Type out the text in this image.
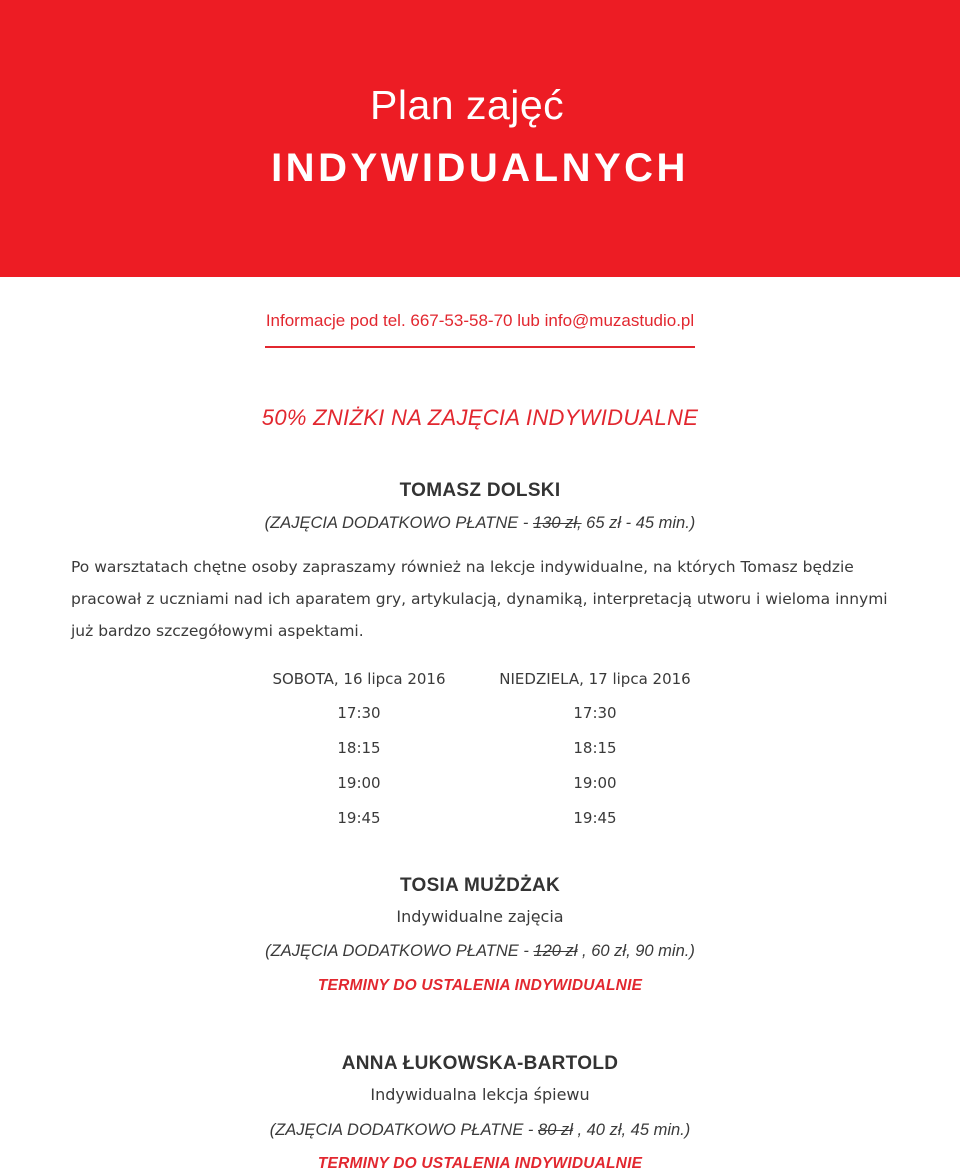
Plan zajęć
INDYWIDUALNYCH
Informacje pod tel. 667-53-58-70 lub info@muzastudio.pl
50% ZNIŻKI NA ZAJĘCIA INDYWIDUALNE
TOMASZ DOLSKI
(ZAJĘCIA DODATKOWO PŁATNE - 130 zł, 65 zł - 45 min.)
Po warsztatach chętne osoby zapraszamy również na lekcje indywidualne, na których Tomasz będzie pracował z uczniami nad ich aparatem gry, artykulacją, dynamiką, interpretacją utworu i wieloma innymi już bardzo szczegółowymi aspektami.
SOBOTA, 16 lipca 2016
17:30
18:15
19:00
19:45
NIEDZIELA, 17 lipca 2016
17:30
18:15
19:00
19:45
TOSIA MUŻDŻAK
Indywidualne zajęcia
(ZAJĘCIA DODATKOWO PŁATNE - 120 zł , 60 zł, 90 min.)
TERMINY DO USTALENIA INDYWIDUALNIE
ANNA ŁUKOWSKA-BARTOLD
Indywidualna lekcja śpiewu
(ZAJĘCIA DODATKOWO PŁATNE - 80 zł , 40 zł, 45 min.)
TERMINY DO USTALENIA INDYWIDUALNIE
